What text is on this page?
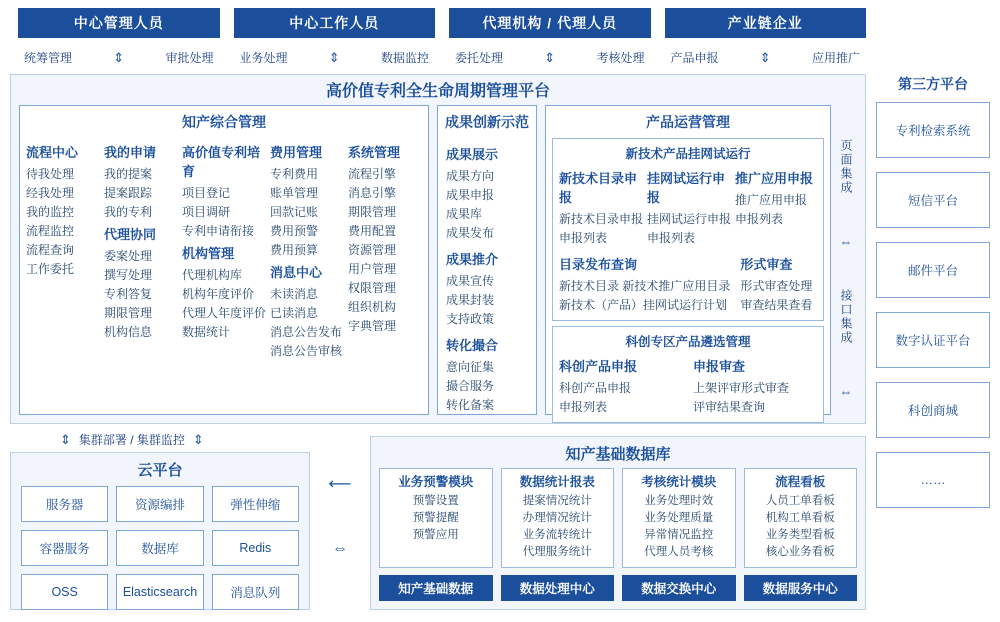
中心管理人员	中心工作人员	代理机构 / 代理人员	产业链企业
统筹管理	⇕	审批处理 业务处理	⇕	数据监控 委托处理	⇕	考核处理 产品申报	⇕	应用推广
高价值专利全生命周期管理平台
知产综合管理
流程中心
待我处理
经我处理
我的监控
流程监控
流程查询
工作委托
我的申请
我的提案
提案跟踪
我的专利
代理协同
委案处理
撰写处理
专利答复
期限管理
机构信息
高价值专利培育
项目登记
项目调研
专利申请衔接
机构管理
代理机构库
机构年度评价
代理人年度评价
数据统计
费用管理
专利费用
账单管理
回款记账
费用预警
费用预算
消息中心
未读消息
已读消息
消息公告发布
消息公告审核
系统管理
流程引擎
消息引擎
期限管理
费用配置
资源管理
用户管理
权限管理
组织机构
字典管理
成果创新示范
成果展示
成果方向
成果申报
成果库
成果发布
成果推介
成果宣传
成果封装
支持政策
转化撮合
意向征集
撮合服务
转化备案
产品运营管理
新技术产品挂网试运行
新技术目录申报
新技术目录申报
申报列表
挂网试运行申报
挂网试运行申报
申报列表
推广应用申报
推广应用申报
申报列表
目录发布查询
新技术目录 新技术推广应用目录
新技术（产品）挂网试运行计划
形式审查
形式审查处理
审查结果查看
科创专区产品遴选管理
科创产品申报
科创产品申报
申报列表
申报审查
上架评审形式审查
评审结果查询
页面集成
⇔
接口集成
⇔
第三方平台
专利检索系统
短信平台
邮件平台
数字认证平台
科创商城
……
⇕ 集群部署 / 集群监控 ⇕
云平台
服务器	资源编排	弹性伸缩
容器服务	数据库	Redis
OSS	Elasticsearch	消息队列
⟵
⇔
知产基础数据库
业务预警模块
预警设置
预警提醒
预警应用
数据统计报表
提案情况统计
办理情况统计
业务流转统计
代理服务统计
考核统计模块
业务处理时效
业务处理质量
异常情况监控
代理人员考核
流程看板
人员工单看板
机构工单看板
业务类型看板
核心业务看板
知产基础数据	数据处理中心	数据交换中心	数据服务中心
